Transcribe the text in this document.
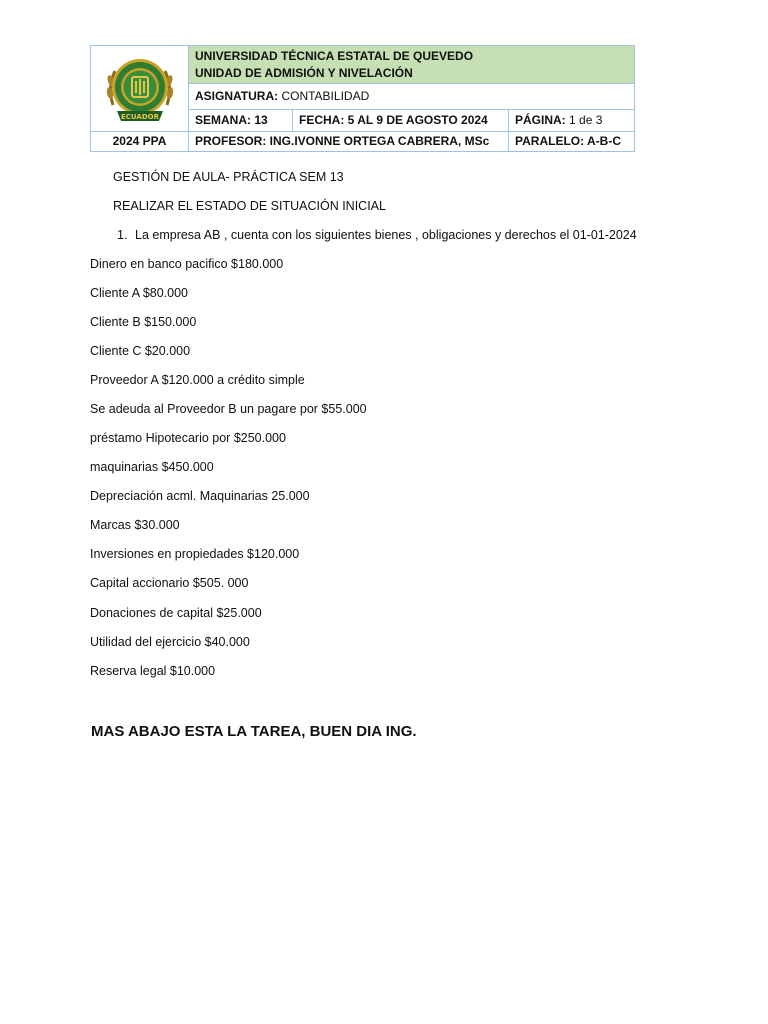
ECUADOR	UNIVERSIDAD TÉCNICA ESTATAL DE QUEVEDO
UNIDAD DE ADMISIÓN Y NIVELACIÓN		

	ASIGNATURA: CONTABILIDAD		
	SEMANA: 13	FECHA: 5 AL 9 DE AGOSTO 2024	PÁGINA: 1 de 3
2024 PPA	PROFESOR: ING.IVONNE ORTEGA CABRERA, MSc		PARALELO: A-B-C

GESTIÓN DE AULA- PRÁCTICA SEM 13

REALIZAR EL ESTADO DE SITUACIÓN INICIAL

1. La empresa AB , cuenta con los siguientes bienes , obligaciones y derechos el 01-01-2024

Dinero en banco pacifico $180.000

Cliente A $80.000

Cliente B $150.000

Cliente C $20.000

Proveedor A $120.000 a crédito simple

Se adeuda al Proveedor B un pagare por $55.000

préstamo Hipotecario por $250.000

maquinarias $450.000

Depreciación acml. Maquinarias 25.000

Marcas $30.000

Inversiones en propiedades $120.000

Capital accionario $505. 000

Donaciones de capital $25.000

Utilidad del ejercicio $40.000

Reserva legal $10.000

MAS ABAJO ESTA LA TAREA, BUEN DIA ING.
